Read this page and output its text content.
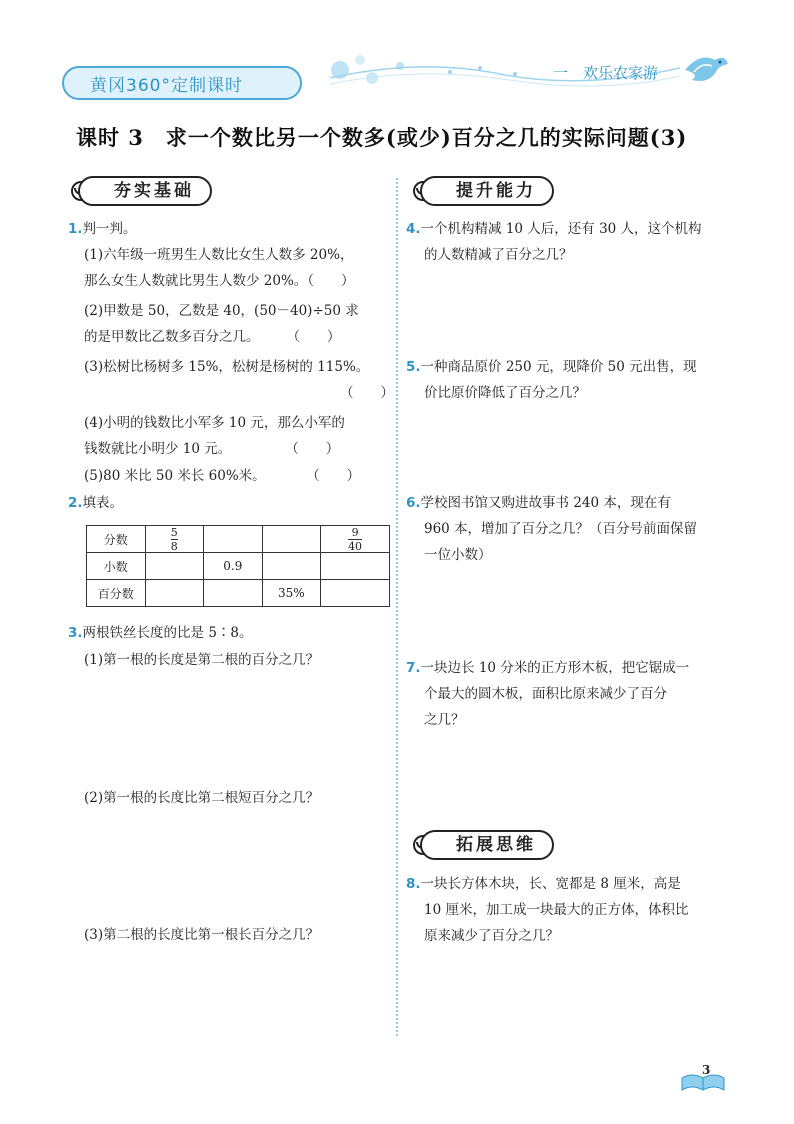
黄冈360°定制课时
一　欢乐农家游
课时 3　求一个数比另一个数多(或少)百分之几的实际问题(3)
夯实基础
1.判一判。
(1)六年级一班男生人数比女生人数多 20%，
那么女生人数就比男生人数少 20%。（　　）
(2)甲数是 50，乙数是 40，(50－40)÷50 求
的是甲数比乙数多百分之几。　　　（　　）
(3)松树比杨树多 15%，松树是杨树的 115%。
（　　）
(4)小明的钱数比小军多 10 元，那么小军的
钱数就比小明少 10 元。　　　　　（　　）
(5)80 米比 50 米长 60%米。　　　　（　　）
2.填表。
分数	$\frac{5}{8}$			$\frac{9}{40}$

小数		0.9		
百分数			35%	
3.两根铁丝长度的比是 5∶8。
(1)第一根的长度是第二根的百分之几？
(2)第一根的长度比第二根短百分之几？
(3)第二根的长度比第一根长百分之几？
提升能力
4.一个机构精减 10 人后，还有 30 人，这个机构
的人数精减了百分之几？
5.一种商品原价 250 元，现降价 50 元出售，现
价比原价降低了百分之几？
6.学校图书馆又购进故事书 240 本，现在有
960 本，增加了百分之几？（百分号前面保留
一位小数）
7.一块边长 10 分米的正方形木板，把它锯成一
个最大的圆木板，面积比原来减少了百分
之几？
拓展思维
8.一块长方体木块，长、宽都是 8 厘米，高是
10 厘米，加工成一块最大的正方体，体积比
原来减少了百分之几？
3
